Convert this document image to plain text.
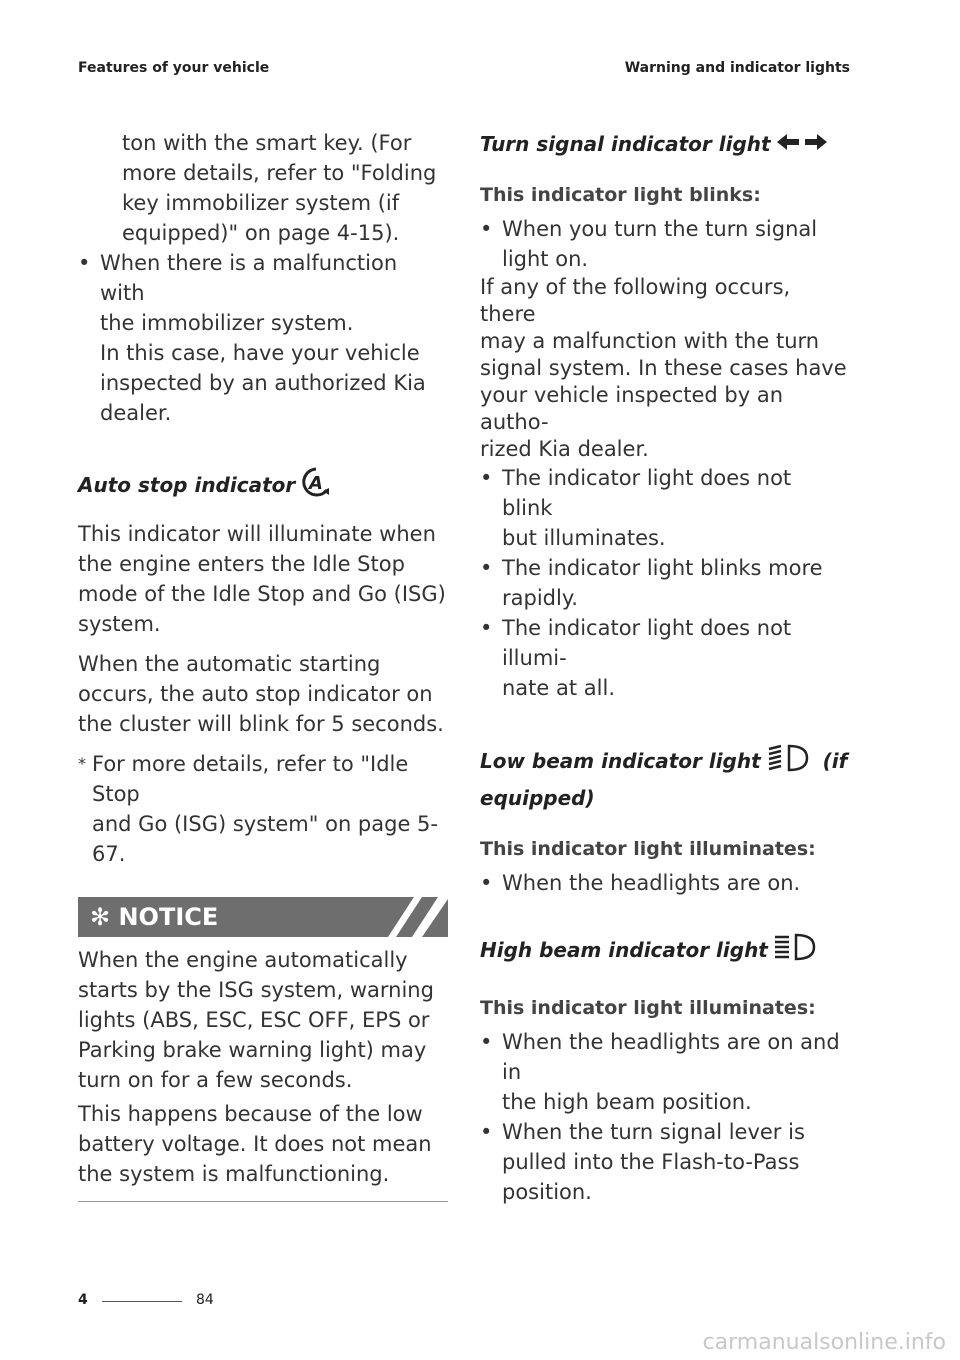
Features of your vehicle	Warning and indicator lights

ton with the smart key. (For

more details, refer to "Folding

key immobilizer system (if

equipped)" on page 4-15).

• When there is a malfunction with

the immobilizer system.

In this case, have your vehicle

inspected by an authorized Kia

dealer.

Auto stop indicator A

This indicator will illuminate when

the engine enters the Idle Stop

mode of the Idle Stop and Go (ISG)

system.

When the automatic starting

occurs, the auto stop indicator on

the cluster will blink for 5 seconds.

* For more details, refer to "Idle Stop

and Go (ISG) system" on page 5-

67.

✻ NOTICE

When the engine automatically

starts by the ISG system, warning

lights (ABS, ESC, ESC OFF, EPS or

Parking brake warning light) may

turn on for a few seconds.

This happens because of the low

battery voltage. It does not mean

the system is malfunctioning.

Turn signal indicator light

This indicator light blinks:

• When you turn the turn signal

light on.

If any of the following occurs, there

may a malfunction with the turn

signal system. In these cases have

your vehicle inspected by an autho-

rized Kia dealer.

• The indicator light does not blink

but illuminates.

• The indicator light blinks more

rapidly.

• The indicator light does not illumi-

nate at all.

Low beam indicator light	(if

equipped)

This indicator light illuminates:

• When the headlights are on.

High beam indicator light

This indicator light illuminates:

• When the headlights are on and in

the high beam position.

• When the turn signal lever is

pulled into the Flash-to-Pass

position.

4	84
carmanualsonline.info
